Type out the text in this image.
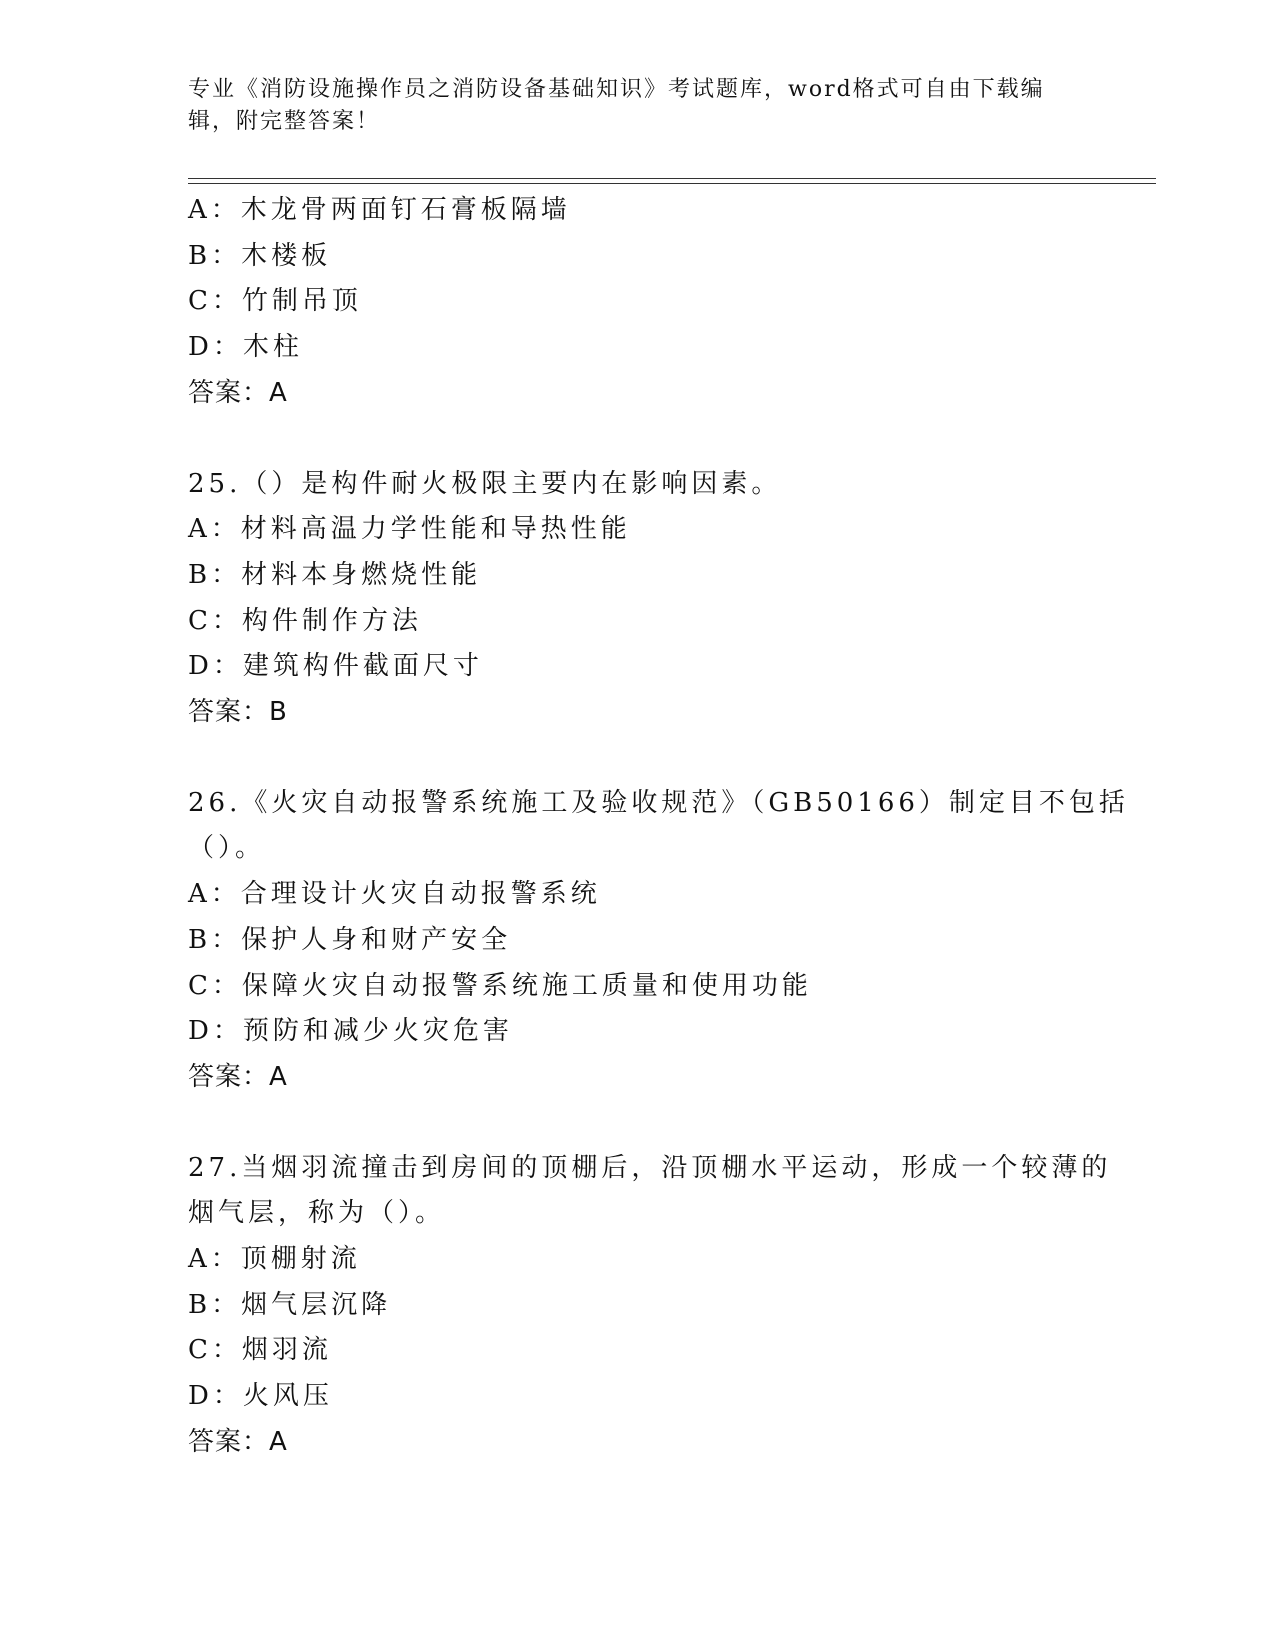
专业《消防设施操作员之消防设备基础知识》考试题库，word格式可自由下载编
辑，附完整答案！
A：木龙骨两面钉石膏板隔墙
B：木楼板
C：竹制吊顶
D：木柱
答案：A
25.（）是构件耐火极限主要内在影响因素。
A：材料高温力学性能和导热性能
B：材料本身燃烧性能
C：构件制作方法
D：建筑构件截面尺寸
答案：B
26.《火灾自动报警系统施工及验收规范》（GB50166）制定目不包括
（）。
A：合理设计火灾自动报警系统
B：保护人身和财产安全
C：保障火灾自动报警系统施工质量和使用功能
D：预防和减少火灾危害
答案：A
27.当烟羽流撞击到房间的顶棚后，沿顶棚水平运动，形成一个较薄的
烟气层，称为（）。
A：顶棚射流
B：烟气层沉降
C：烟羽流
D：火风压
答案：A
